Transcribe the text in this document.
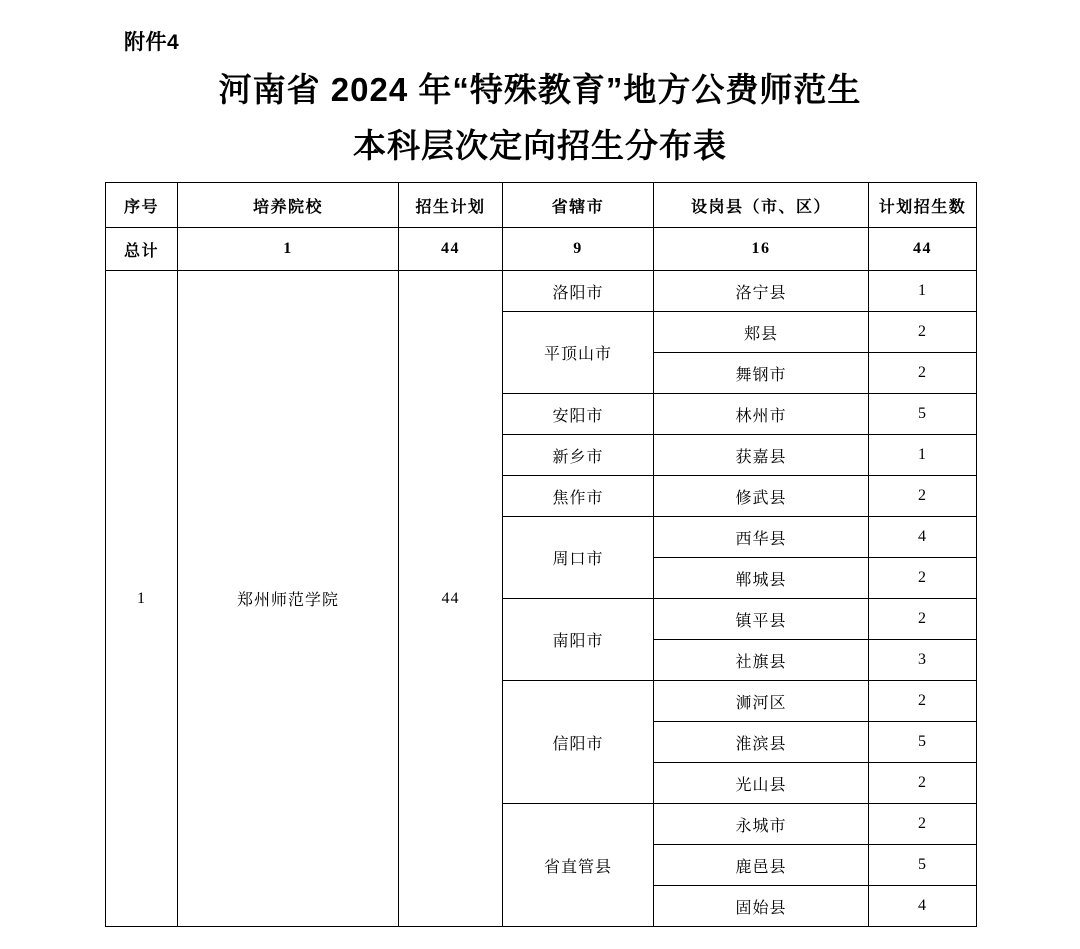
附件4
河南省 2024 年“特殊教育”地方公费师范生
本科层次定向招生分布表
序号	培养院校	招生计划	省辖市	设岗县（市、区）	计划招生数
总计	1	44	9	16	44
1	郑州师范学院	44	洛阳市	洛宁县	1
			平顶山市	郏县	2
				舞钢市	2
			安阳市	林州市	5
			新乡市	获嘉县	1
			焦作市	修武县	2
			周口市	西华县	4
				郸城县	2
			南阳市	镇平县	2
				社旗县	3
			信阳市	浉河区	2
				淮滨县	5
				光山县	2
			省直管县	永城市	2
				鹿邑县	5
				固始县	4
